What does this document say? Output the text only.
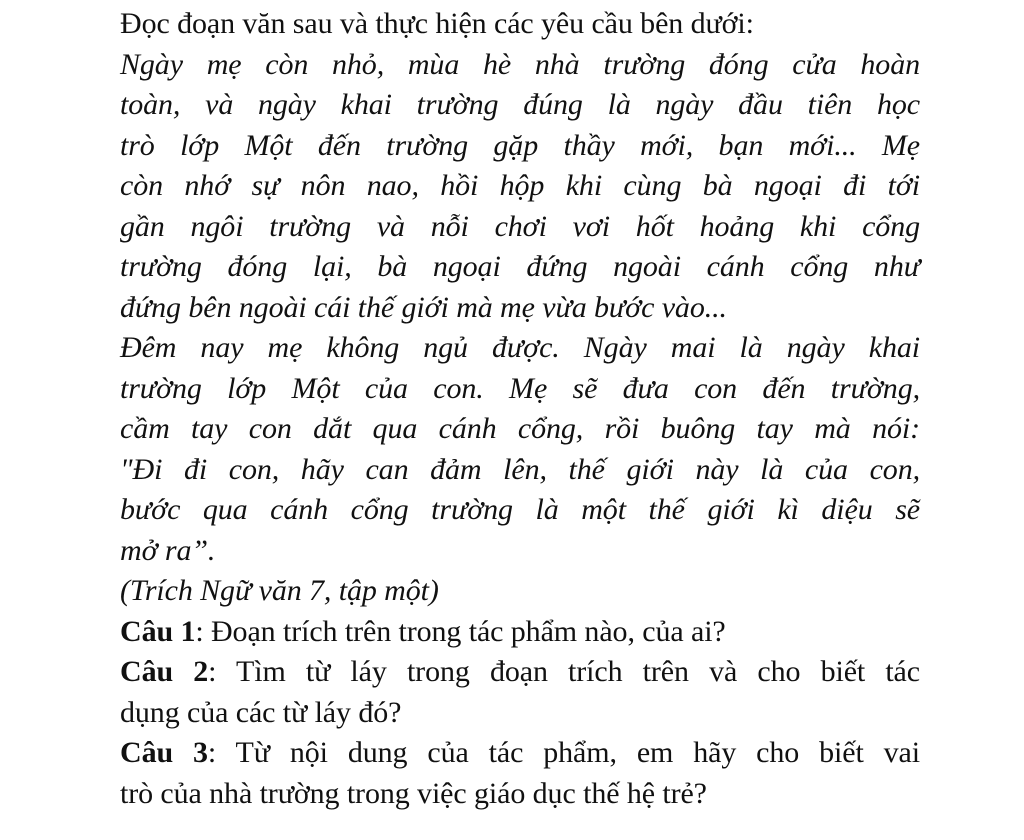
Đọc đoạn văn sau và thực hiện các yêu cầu bên dưới:
Ngày mẹ còn nhỏ, mùa hè nhà trường đóng cửa hoàn
toàn, và ngày khai trường đúng là ngày đầu tiên học
trò lớp Một đến trường gặp thầy mới, bạn mới... Mẹ
còn nhớ sự nôn nao, hồi hộp khi cùng bà ngoại đi tới
gần ngôi trường và nỗi chơi vơi hốt hoảng khi cổng
trường đóng lại, bà ngoại đứng ngoài cánh cổng như
đứng bên ngoài cái thế giới mà mẹ vừa bước vào...
Đêm nay mẹ không ngủ được. Ngày mai là ngày khai
trường lớp Một của con. Mẹ sẽ đưa con đến trường,
cầm tay con dắt qua cánh cổng, rồi buông tay mà nói:
"Đi đi con, hãy can đảm lên, thế giới này là của con,
bước qua cánh cổng trường là một thế giới kì diệu sẽ
mở ra”.
(Trích Ngữ văn 7, tập một)
Câu 1: Đoạn trích trên trong tác phẩm nào, của ai?
Câu 2: Tìm từ láy trong đoạn trích trên và cho biết tác
dụng của các từ láy đó?
Câu 3: Từ nội dung của tác phẩm, em hãy cho biết vai
trò của nhà trường trong việc giáo dục thế hệ trẻ?
